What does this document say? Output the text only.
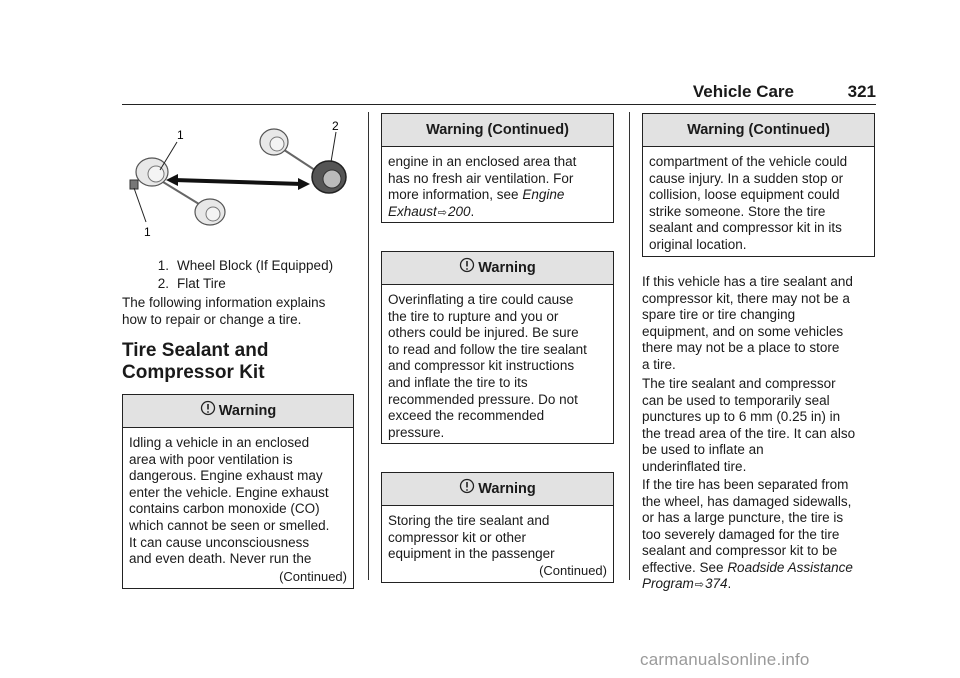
Vehicle Care	321
1
1
2
1. Wheel Block (If Equipped)
2. Flat Tire
The following information explains
how to repair or change a tire.
Tire Sealant and
Compressor Kit
Warning
Idling a vehicle in an enclosed
area with poor ventilation is
dangerous. Engine exhaust may
enter the vehicle. Engine exhaust
contains carbon monoxide (CO)
which cannot be seen or smelled.
It can cause unconsciousness
and even death. Never run the
(Continued)
Warning (Continued)
engine in an enclosed area that
has no fresh air ventilation. For
more information, see Engine
Exhaust⇨200.
Warning
Overinflating a tire could cause
the tire to rupture and you or
others could be injured. Be sure
to read and follow the tire sealant
and compressor kit instructions
and inflate the tire to its
recommended pressure. Do not
exceed the recommended
pressure.
Warning
Storing the tire sealant and
compressor kit or other
equipment in the passenger
(Continued)
Warning (Continued)
compartment of the vehicle could
cause injury. In a sudden stop or
collision, loose equipment could
strike someone. Store the tire
sealant and compressor kit in its
original location.
If this vehicle has a tire sealant and
compressor kit, there may not be a
spare tire or tire changing
equipment, and on some vehicles
there may not be a place to store
a tire.
The tire sealant and compressor
can be used to temporarily seal
punctures up to 6 mm (0.25 in) in
the tread area of the tire. It can also
be used to inflate an
underinflated tire.
If the tire has been separated from
the wheel, has damaged sidewalls,
or has a large puncture, the tire is
too severely damaged for the tire
sealant and compressor kit to be
effective. See Roadside Assistance
Program⇨374.
carmanualsonline.info
